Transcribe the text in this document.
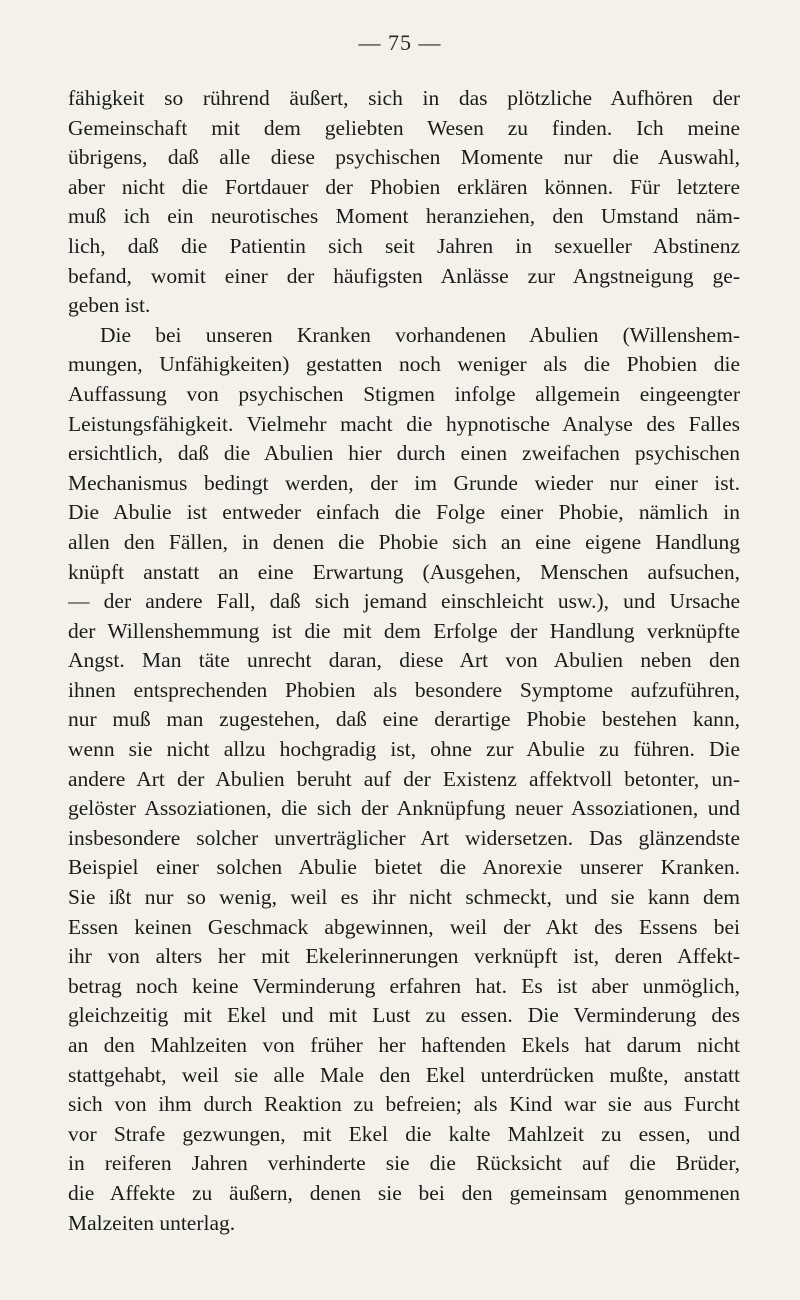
— 75 —
fähigkeit so rührend äußert, sich in das plötzliche Aufhören der
Gemeinschaft mit dem geliebten Wesen zu finden. Ich meine
übrigens, daß alle diese psychischen Momente nur die Auswahl,
aber nicht die Fortdauer der Phobien erklären können. Für letztere
muß ich ein neurotisches Moment heranziehen, den Umstand näm-
lich, daß die Patientin sich seit Jahren in sexueller Abstinenz
befand, womit einer der häufigsten Anlässe zur Angstneigung ge-
geben ist.
Die bei unseren Kranken vorhandenen Abulien (Willenshem-
mungen, Unfähigkeiten) gestatten noch weniger als die Phobien die
Auffassung von psychischen Stigmen infolge allgemein eingeengter
Leistungsfähigkeit. Vielmehr macht die hypnotische Analyse des Falles
ersichtlich, daß die Abulien hier durch einen zweifachen psychischen
Mechanismus bedingt werden, der im Grunde wieder nur einer ist.
Die Abulie ist entweder einfach die Folge einer Phobie, nämlich in
allen den Fällen, in denen die Phobie sich an eine eigene Handlung
knüpft anstatt an eine Erwartung (Ausgehen, Menschen aufsuchen,
— der andere Fall, daß sich jemand einschleicht usw.), und Ursache
der Willenshemmung ist die mit dem Erfolge der Handlung verknüpfte
Angst. Man täte unrecht daran, diese Art von Abulien neben den
ihnen entsprechenden Phobien als besondere Symptome aufzuführen,
nur muß man zugestehen, daß eine derartige Phobie bestehen kann,
wenn sie nicht allzu hochgradig ist, ohne zur Abulie zu führen. Die
andere Art der Abulien beruht auf der Existenz affektvoll betonter, un-
gelöster Assoziationen, die sich der Anknüpfung neuer Assoziationen, und
insbesondere solcher unverträglicher Art widersetzen. Das glänzendste
Beispiel einer solchen Abulie bietet die Anorexie unserer Kranken.
Sie ißt nur so wenig, weil es ihr nicht schmeckt, und sie kann dem
Essen keinen Geschmack abgewinnen, weil der Akt des Essens bei
ihr von alters her mit Ekelerinnerungen verknüpft ist, deren Affekt-
betrag noch keine Verminderung erfahren hat. Es ist aber unmöglich,
gleichzeitig mit Ekel und mit Lust zu essen. Die Verminderung des
an den Mahlzeiten von früher her haftenden Ekels hat darum nicht
stattgehabt, weil sie alle Male den Ekel unterdrücken mußte, anstatt
sich von ihm durch Reaktion zu befreien; als Kind war sie aus Furcht
vor Strafe gezwungen, mit Ekel die kalte Mahlzeit zu essen, und
in reiferen Jahren verhinderte sie die Rücksicht auf die Brüder,
die Affekte zu äußern, denen sie bei den gemeinsam genommenen
Malzeiten unterlag.
